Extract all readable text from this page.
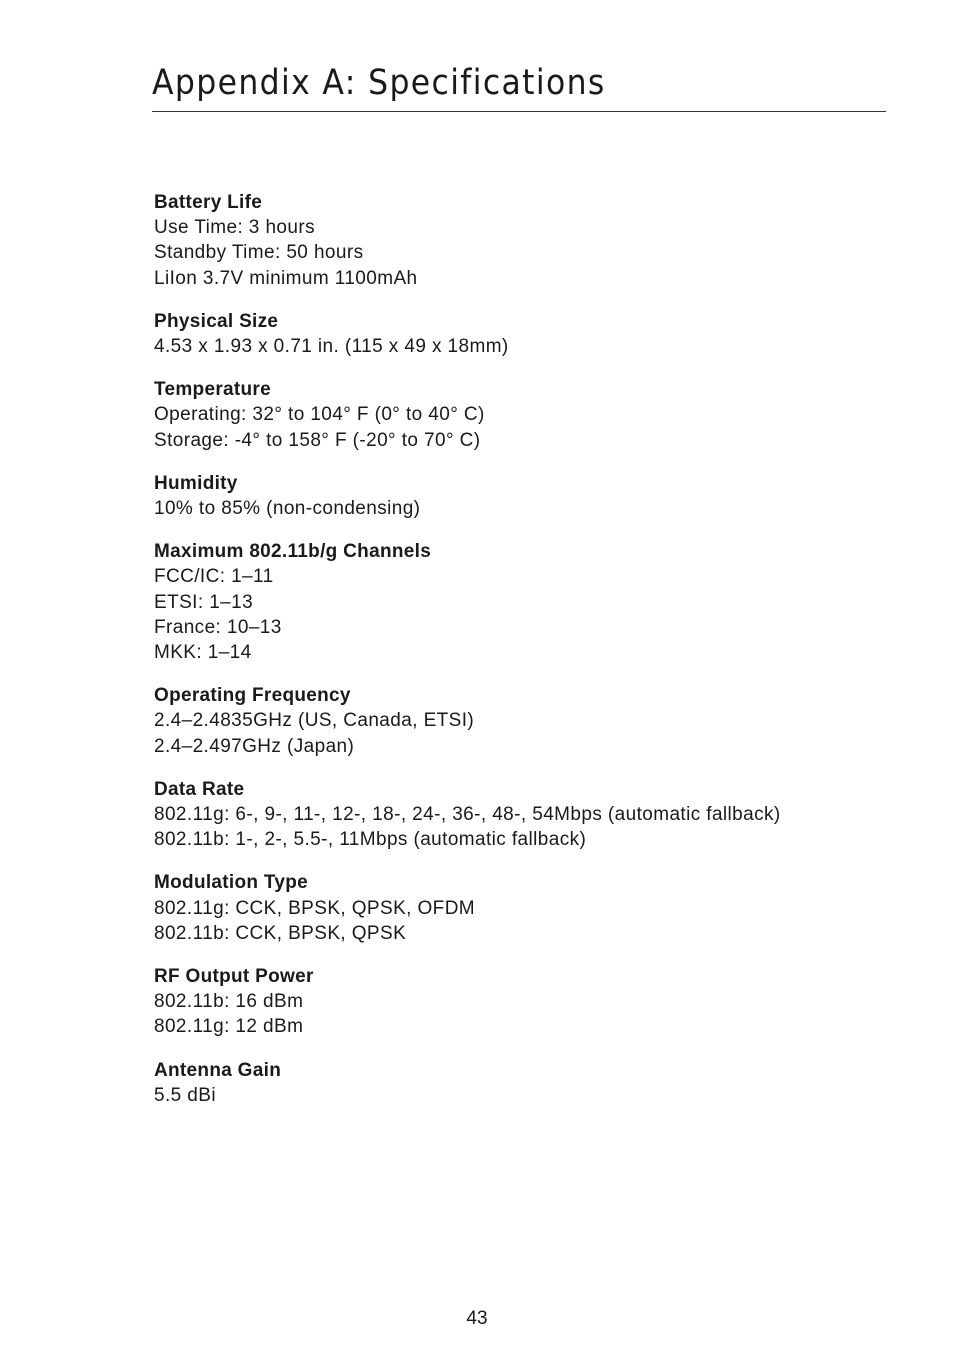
Appendix A: Specifications
Battery Life
Use Time: 3 hours
Standby Time: 50 hours
LiIon 3.7V minimum 1100mAh
Physical Size
4.53 x 1.93 x 0.71 in. (115 x 49 x 18mm)
Temperature
Operating: 32° to 104° F (0° to 40° C)
Storage: -4° to 158° F (-20° to 70° C)
Humidity
10% to 85% (non-condensing)
Maximum 802.11b/g Channels
FCC/IC: 1–11
ETSI: 1–13
France: 10–13
MKK: 1–14
Operating Frequency
2.4–2.4835GHz (US, Canada, ETSI)
2.4–2.497GHz (Japan)
Data Rate
802.11g: 6-, 9-, 11-, 12-, 18-, 24-, 36-, 48-, 54Mbps (automatic fallback)
802.11b: 1-, 2-, 5.5-, 11Mbps (automatic fallback)
Modulation Type
802.11g: CCK, BPSK, QPSK, OFDM
802.11b: CCK, BPSK, QPSK
RF Output Power
802.11b: 16 dBm
802.11g: 12 dBm
Antenna Gain
5.5 dBi
43
